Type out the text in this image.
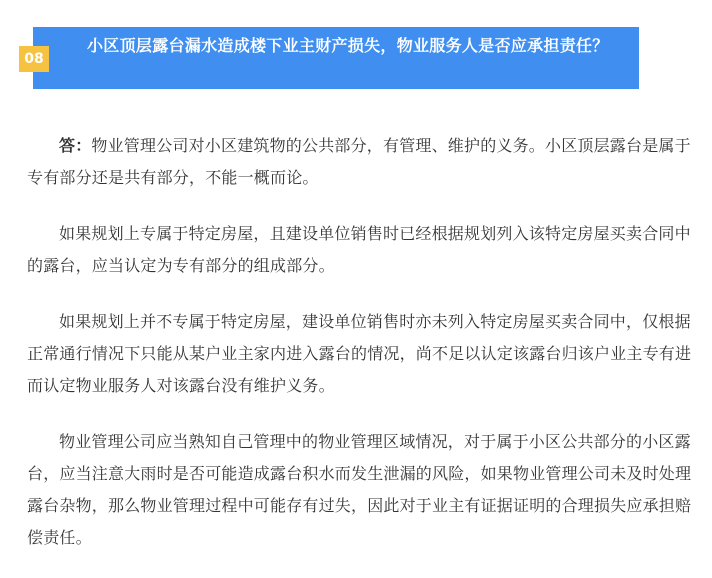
小区顶层露台漏水造成楼下业主财产损失，物业服务人是否应承担责任？
08

答：物业管理公司对小区建筑物的公共部分，有管理、维护的义务。小区顶层露台是属于专有部分还是共有部分，不能一概而论。

如果规划上专属于特定房屋，且建设单位销售时已经根据规划列入该特定房屋买卖合同中的露台，应当认定为专有部分的组成部分。

如果规划上并不专属于特定房屋，建设单位销售时亦未列入特定房屋买卖合同中，仅根据正常通行情况下只能从某户业主家内进入露台的情况，尚不足以认定该露台归该户业主专有进而认定物业服务人对该露台没有维护义务。

物业管理公司应当熟知自己管理中的物业管理区域情况，对于属于小区公共部分的小区露台，应当注意大雨时是否可能造成露台积水而发生泄漏的风险，如果物业管理公司未及时处理露台杂物，那么物业管理过程中可能存有过失，因此对于业主有证据证明的合理损失应承担赔偿责任。
